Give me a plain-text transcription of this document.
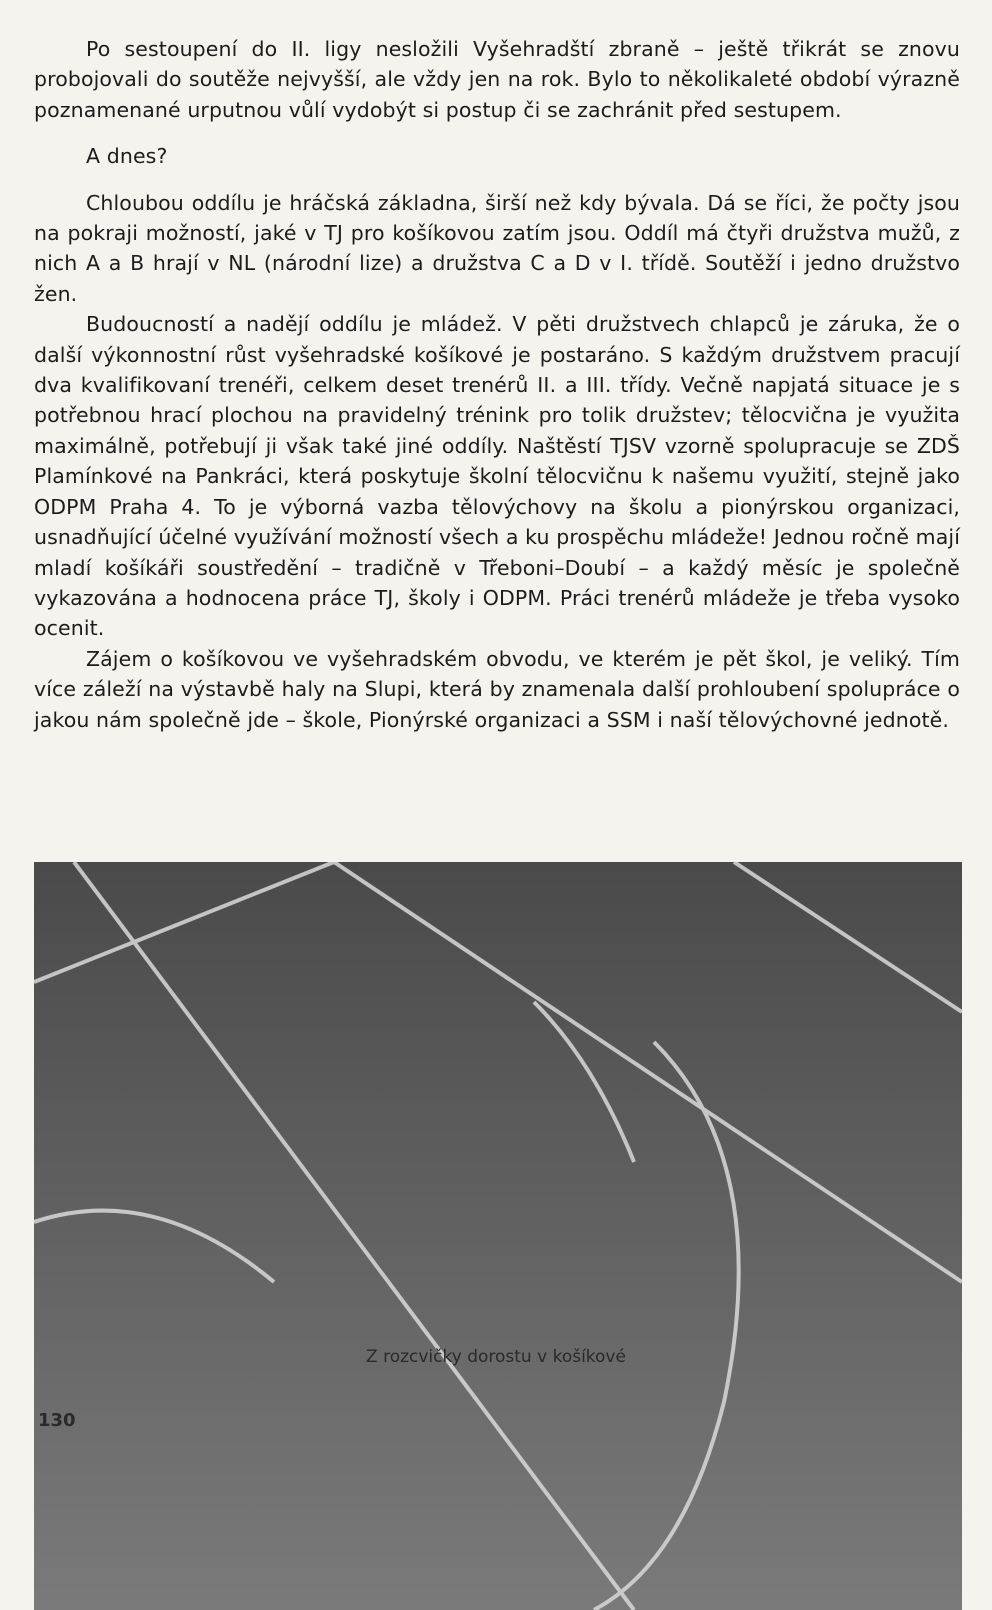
Po sestoupení do II. ligy nesložili Vyšehradští zbraně – ještě třikrát se znovu probojovali do soutěže nejvyšší, ale vždy jen na rok. Bylo to několikaleté období výrazně poznamenané urputnou vůlí vydobýt si postup či se zachránit před sestupem.

A dnes?

Chloubou oddílu je hráčská základna, širší než kdy bývala. Dá se říci, že počty jsou na pokraji možností, jaké v TJ pro košíkovou zatím jsou. Oddíl má čtyři družstva mužů, z nich A a B hrají v NL (národní lize) a družstva C a D v I. třídě. Soutěží i jedno družstvo žen.

Budoucností a nadějí oddílu je mládež. V pěti družstvech chlapců je záruka, že o další výkonnostní růst vyšehradské košíkové je postaráno. S každým družstvem pracují dva kvalifikovaní trenéři, celkem deset trenérů II. a III. třídy. Večně napjatá situace je s potřebnou hrací plochou na pravidelný trénink pro tolik družstev; tělocvična je využita maximálně, potřebují ji však také jiné oddíly. Naštěstí TJSV vzorně spolupracuje se ZDŠ Plamínkové na Pankráci, která poskytuje školní tělocvičnu k našemu využití, stejně jako ODPM Praha 4. To je výborná vazba tělovýchovy na školu a pionýrskou organizaci, usnadňující účelné využívání možností všech a ku prospěchu mládeže! Jednou ročně mají mladí košíkáři soustředění – tradičně v Třeboni–Doubí – a každý měsíc je společně vykazována a hodnocena práce TJ, školy i ODPM. Práci trenérů mládeže je třeba vysoko ocenit.

Zájem o košíkovou ve vyšehradském obvodu, ve kterém je pět škol, je veliký. Tím více záleží na výstavbě haly na Slupi, která by znamenala další prohloubení spolupráce o jakou nám společně jde – škole, Pionýrské organizaci a SSM i naší tělovýchovné jednotě.

Z rozcvičky dorostu v košíkové
130
